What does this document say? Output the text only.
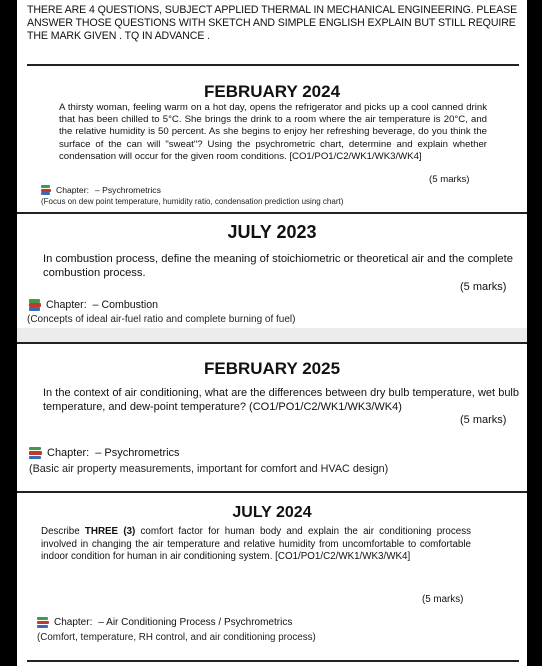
THERE ARE 4 QUESTIONS, SUBJECT APPLIED THERMAL IN MECHANICAL ENGINEERING. PLEASE ANSWER THOSE QUESTIONS WITH SKETCH AND SIMPLE ENGLISH EXPLAIN BUT STILL REQUIRE THE MARK GIVEN . TQ IN ADVANCE .
FEBRUARY 2024
A thirsty woman, feeling warm on a hot day, opens the refrigerator and picks up a cool canned drink that has been chilled to 5°C. She brings the drink to a room where the air temperature is 20°C, and the relative humidity is 50 percent. As she begins to enjoy her refreshing beverage, do you think the surface of the can will "sweat"? Using the psychrometric chart, determine and explain whether condensation will occur for the given room conditions. [CO1/PO1/C2/WK1/WK3/WK4]
(5 marks)
Chapter: – Psychrometrics
(Focus on dew point temperature, humidity ratio, condensation prediction using chart)
JULY 2023
In combustion process, define the meaning of stoichiometric or theoretical air and the complete combustion process.
(5 marks)
Chapter: – Combustion
(Concepts of ideal air-fuel ratio and complete burning of fuel)
FEBRUARY 2025
In the context of air conditioning, what are the differences between dry bulb temperature, wet bulb temperature, and dew-point temperature? (CO1/PO1/C2/WK1/WK3/WK4)
(5 marks)
Chapter: – Psychrometrics
(Basic air property measurements, important for comfort and HVAC design)
JULY 2024
Describe THREE (3) comfort factor for human body and explain the air conditioning process involved in changing the air temperature and relative humidity from uncomfortable to comfortable indoor condition for human in air conditioning system. [CO1/PO1/C2/WK1/WK3/WK4]
(5 marks)
Chapter: – Air Conditioning Process / Psychrometrics
(Comfort, temperature, RH control, and air conditioning process)
